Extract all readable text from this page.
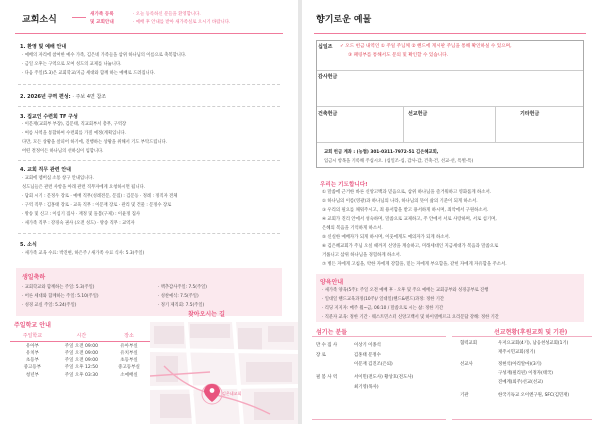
교회소식
새가족 등록
및 교회안내
· 오늘 등록하신 분들을 환영합니다.
· 예배 후 안내를 받아 새가족실로 오시기 바랍니다.
1. 환영 및 예배 안내
· 예배의 자리에 참여한 예수 가족, 김은네 가족들을 삼위 하나님의 이름으로 축복합니다.
· 금일 오후는 구역으로 모여 성도의 교제를 나눕니다.
· 다음 주일(5.3)은 교회학교/지금 세대와 함께 하는 예배로 드려집니다.
2. 2026년 구역 편성: · 주보 4면 참조
3. 집교인 수련회 TF 구성
· 이문재(교회부 부장), 김문태, 직교회부서 총무, 구역장
· 여름 사역을 통합하여 수련회를 가질 예정(계획입니다.
다만, 모든 상황을 살피어 하기에, 진행하는 상황을 위해서 기도 부탁드립니다.
어떤 결정이든 하나님의 선하심이 임합니다.
4. 교회 직무 관련 안내
· 교회에 멤버십 소통 창구 안내입니다.
성도님들은 관련 사항을 아래 관련 직무자에게 요청하시면 됩니다.
· 담회 시기 : 문정우 장로 · 예배 직무(성례전문, 문집) : 김문동 · 정례 : 정직자 전체
· 구역 직무 : 김홍태 장로 · 교육 직무 : 이문재 장로 · 관리 및 건물 : 문정수 장로
· 방송 및 신고 : 이심기 집사 · 재정 및 돌봄(구제) : 이윤정 집사
· 새가족 직무 : 강경숙 권사 (오전 성도) · 방송 직무 : 교역자
5. 소식
· 새가족 교육 수료: 박진현, 하은주 / 새가족 수료 식사: 5.3(주일)
생일축하
· 교회학교와 함께하는 주일: 5.3(주일)	· 맥추감사주일: 7.5(주일)
· 어른 세대와 함께하는 주일: 5.10(주일)	· 성찬예식: 7.5(주일)
· 성경 교실 주일: 5.24(주일)	· 정기 제직회: 7.5(주일)
주일학교 안내
주일학교	시간	장소
유아부	주일 오전 09:00	유아부실
유치부	주일 오전 09:00	유치부실
초등부	주일 오전 09:00	초등부실
중고등부	주일 오후 12:50	중고등부실
청년부	주일 오후 03:30	소예배실
찾아오시는 길
김은네교회
향기로운 예물
십일조 ✓ 오드 헌금 내역인 ① 주일 주님께 ② 헨드에 게시판 주님을 통해 확인하실 수 있으며,
③ 패링부를 통해서도 문의 및 확인할 수 있습니다.
감사헌금
건축헌금	선교헌금	기타헌금
교회 헌금 계좌 : (농협) 301-0311-7972-51 김은혜교회,
입금시 항목을 기록해 주십시오. (십일조-십, 감사-감, 건축-건, 선교-선, 특별-특)
우리는 기도합니다!
① 말씀에 근거한 바른 신앙고백과 믿음으로, 삼위 하나님을 즐거워하고 영화롭게 하소서.
② 하나님의 이름(영광)과 하나님의 나라, 하나님의 뜻이 삶의 기준이 되게 하소서.
③ 우리의 필요를 채워주시고, 죄 용서함을 받고 용서하게 하시며, 죄악에서 구원하소서.
④ 교회가 진리 안에서 성숙하며, 말씀으로 교제하고, 주 안에서 서로 사랑하며, 서로 섬기며,
은혜의 복음을 기억하게 하소서.
⑤ 신실한 예배자가 되게 하시며, 이웃에게도 예의자가 되게 하소서.
⑥ 김은혜교회가 주님 오실 때까지 신앙을 계승하고, 미래세대인 지금세대가 복음과 말씀으로
거룹니고 삼위 하나님을 경험하게 하소서.
⑦ 병든 자에게 고침을, 약한 자에게 강함을, 믿는 자에게 부요함을, 같힌 자에게 자유함을 주소서.
양육안내
· 새가족 양육(5주): 주일 오전 예배 후 · 오후 및 주요 예배는 교회공부와 성경공부로 진행
· 일대일 핸드교육과정(10주)/ 일대일(핸드&펜드)과정: 정한 기간
· 리딩 지지자: 매주 월~금, 06:10 / 말씀으로 시는 삶: 정한 기간
· 직분자 교육: 정한 기간 · 웨스트민스터 신앙고백서 및 하이델베르크 요리문답 강해: 정한 기간
섬기는 분들
만 수 집 사	이상기 이종석
장 로	김홍태 문정수
이문재 김진조(은퇴)
필 봄 사 역	서이민(전도사) 황상호(전도사)
최기영(목사)
선교현황(후원교회 및 기관)
협력교회	우저요교회(4기), 남응천성교회(1기)
재주시민교회(정기)
선교사	정현석(아리알마)(3기)
구성재(필리핀) 이정자(태국)
진예계(외주)선교(선교)
기관	한국기독교 오이엔구원, SFC(김민재)
